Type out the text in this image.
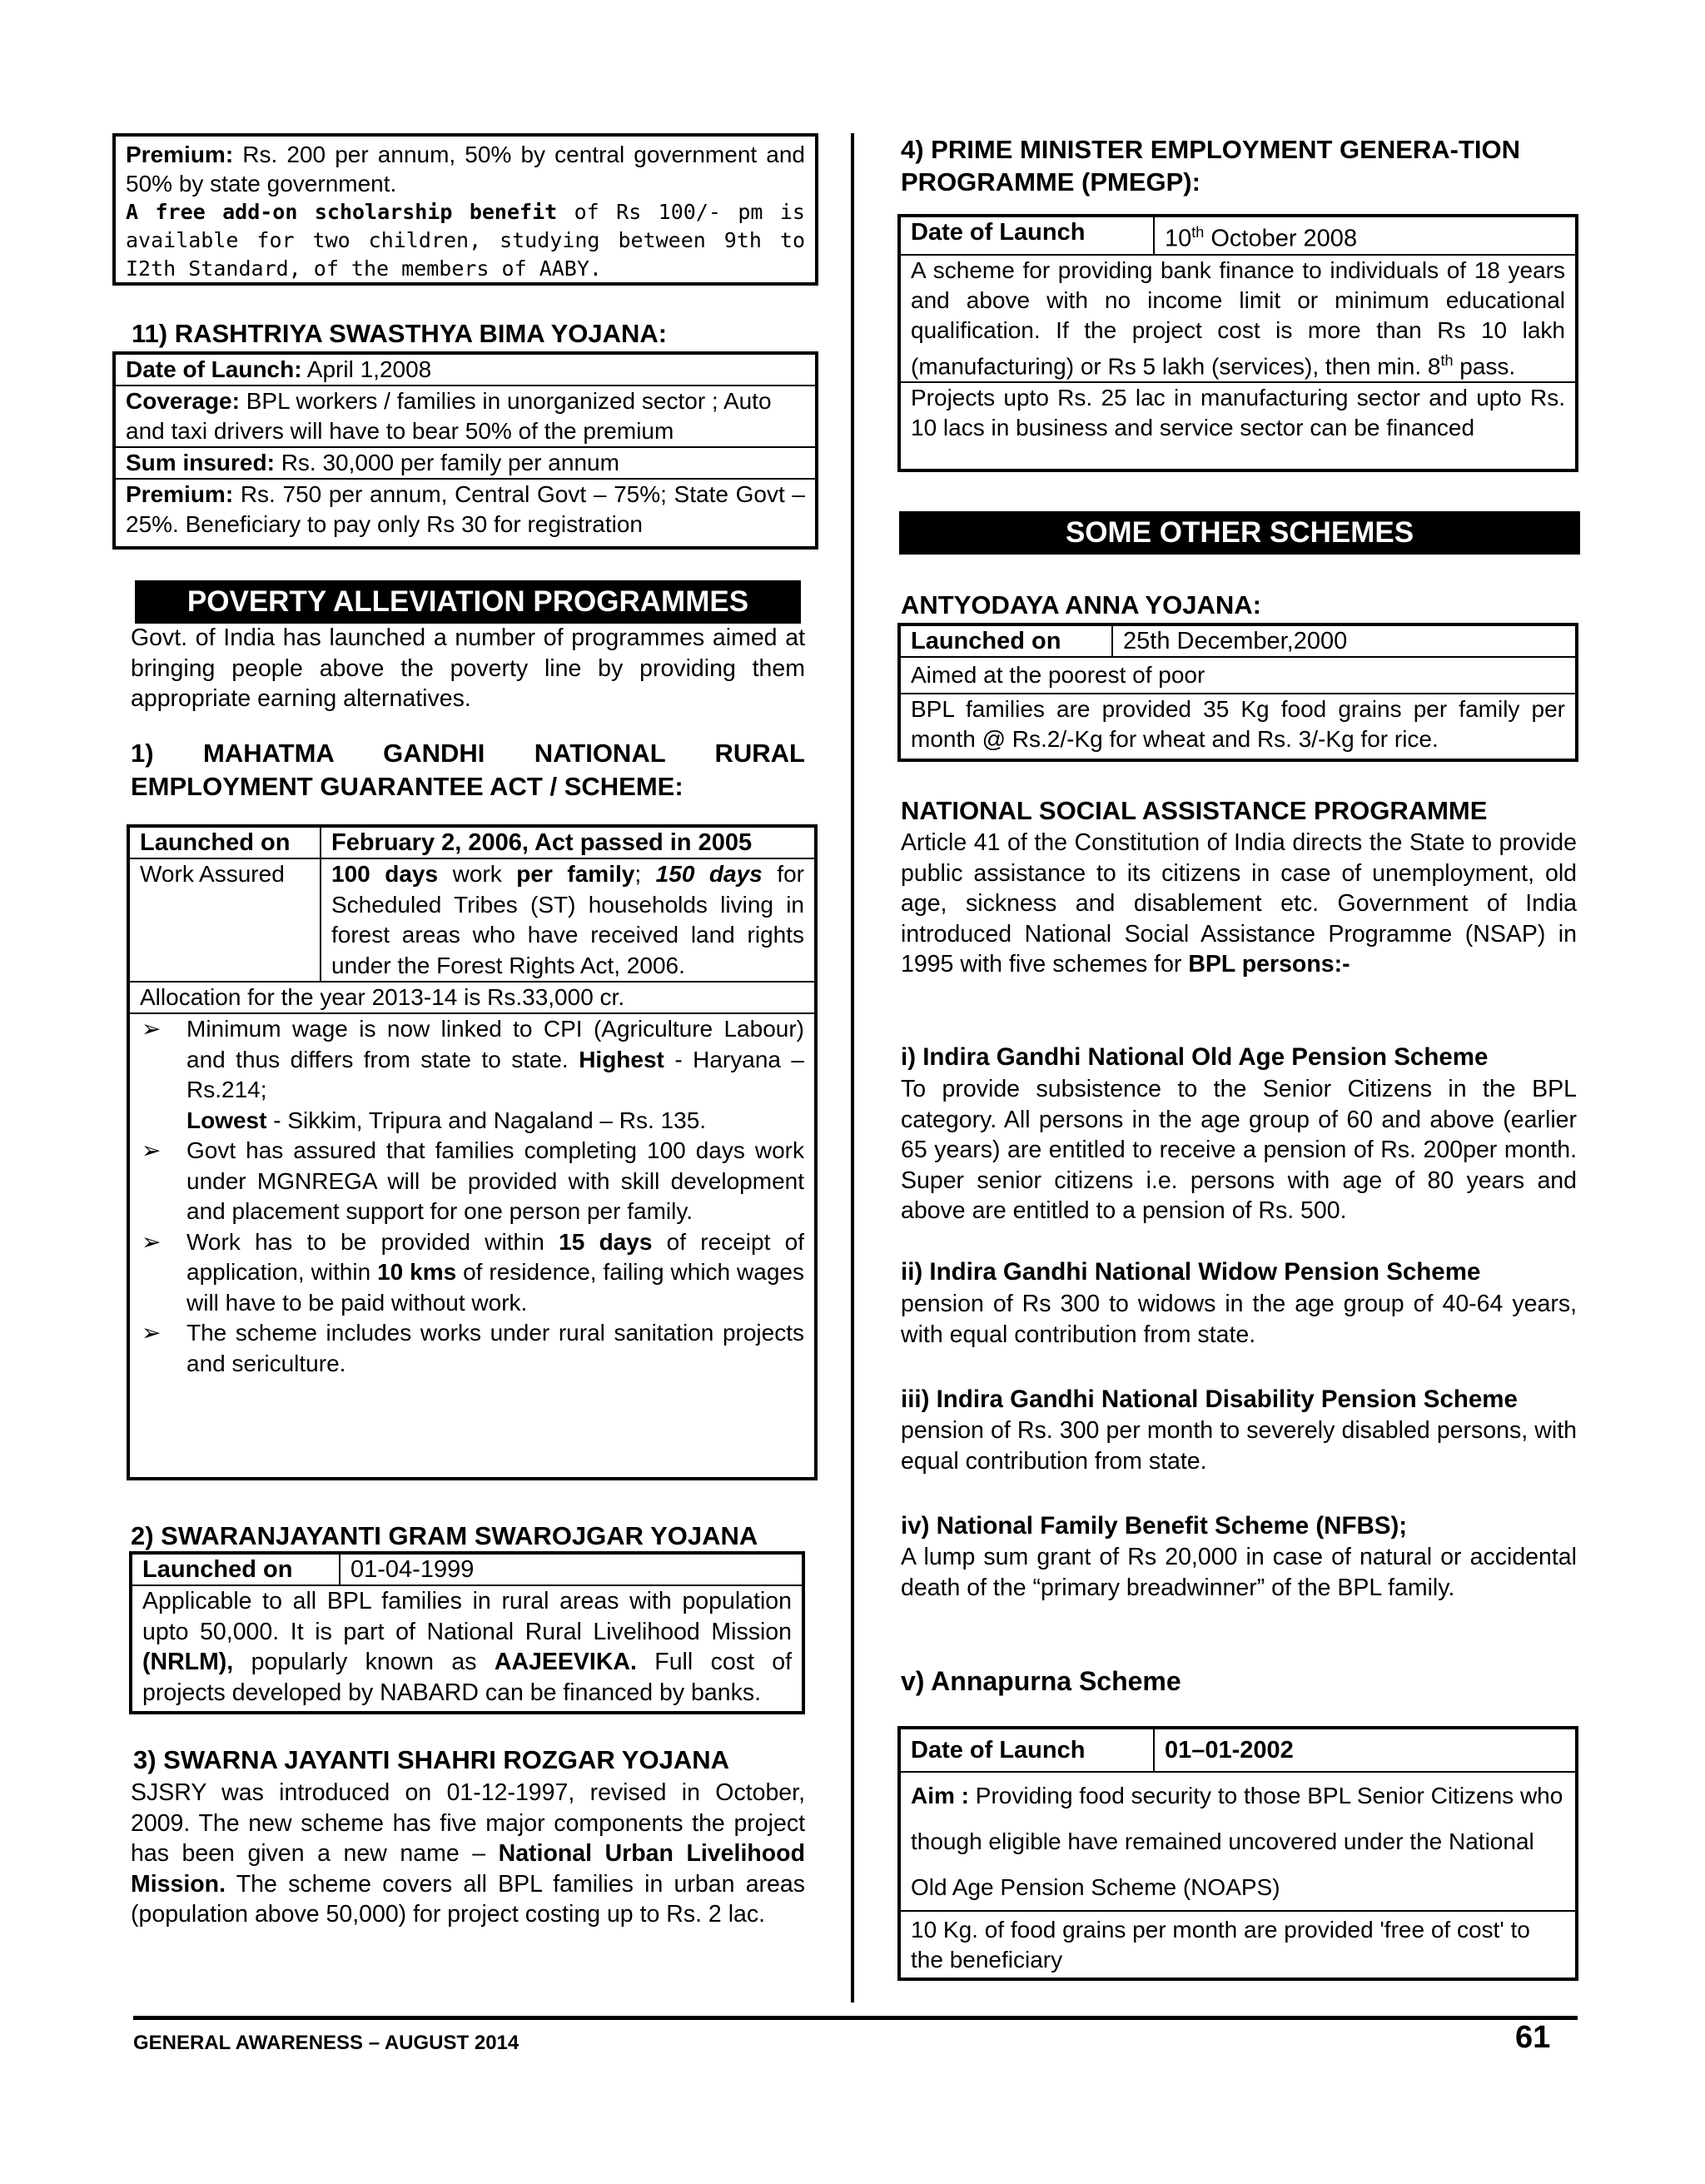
Premium: Rs. 200 per annum, 50% by central government and 50% by state government.
A free add-on scholarship benefit of Rs 100/- pm is available for two children, studying between 9th to I2th Standard, of the members of AABY.
11) RASHTRIYA SWASTHYA BIMA YOJANA:
Date of Launch: April 1,2008
Coverage: BPL workers / families in unorganized sector ; Auto and taxi drivers will have to bear 50% of the premium
Sum insured: Rs. 30,000 per family per annum
Premium: Rs. 750 per annum, Central Govt – 75%; State Govt – 25%. Beneficiary to pay only Rs 30 for registration
POVERTY ALLEVIATION PROGRAMMES
Govt. of India has launched a number of programmes aimed at bringing people above the poverty line by providing them appropriate earning alternatives.
1) MAHATMA GANDHI NATIONAL RURAL EMPLOYMENT GUARANTEE ACT / SCHEME:
Launched on	February 2, 2006, Act passed in 2005
Work Assured	100 days work per family; 150 days for Scheduled Tribes (ST) households living in forest areas who have received land rights under the Forest Rights Act, 2006.
Allocation for the year 2013-14 is Rs.33,000 cr.
➢ Minimum wage is now linked to CPI (Agriculture Labour) and thus differs from state to state. Highest - Haryana – Rs.214;
Lowest - Sikkim, Tripura and Nagaland – Rs. 135.
➢ Govt has assured that families completing 100 days work under MGNREGA will be provided with skill development and placement support for one person per family.
➢ Work has to be provided within 15 days of receipt of application, within 10 kms of residence, failing which wages will have to be paid without work.
➢ The scheme includes works under rural sanitation projects and sericulture.
2) SWARANJAYANTI GRAM SWAROJGAR YOJANA
Launched on	01-04-1999
Applicable to all BPL families in rural areas with population upto 50,000. It is part of National Rural Livelihood Mission (NRLM), popularly known as AAJEEVIKA. Full cost of projects developed by NABARD can be financed by banks.
3) SWARNA JAYANTI SHAHRI ROZGAR YOJANA
SJSRY was introduced on 01-12-1997, revised in October, 2009. The new scheme has five major components the project has been given a new name – National Urban Livelihood Mission. The scheme covers all BPL families in urban areas (population above 50,000) for project costing up to Rs. 2 lac.
4) PRIME MINISTER EMPLOYMENT GENERA-TION PROGRAMME (PMEGP):
Date of Launch	10th October 2008
A scheme for providing bank finance to individuals of 18 years and above with no income limit or minimum educational qualification. If the project cost is more than Rs 10 lakh (manufacturing) or Rs 5 lakh (services), then min. 8th pass.
Projects upto Rs. 25 lac in manufacturing sector and upto Rs. 10 lacs in business and service sector can be financed
SOME OTHER SCHEMES
ANTYODAYA ANNA YOJANA:
Launched on	25th December,2000
Aimed at the poorest of poor
BPL families are provided 35 Kg food grains per family per month @ Rs.2/-Kg for wheat and Rs. 3/-Kg for rice.
NATIONAL SOCIAL ASSISTANCE PROGRAMME
Article 41 of the Constitution of India directs the State to provide public assistance to its citizens in case of unemployment, old age, sickness and disablement etc. Government of India introduced National Social Assistance Programme (NSAP) in 1995 with five schemes for BPL persons:-
i) Indira Gandhi National Old Age Pension Scheme
To provide subsistence to the Senior Citizens in the BPL category. All persons in the age group of 60 and above (earlier 65 years) are entitled to receive a pension of Rs. 200per month. Super senior citizens i.e. persons with age of 80 years and above are entitled to a pension of Rs. 500.
ii) Indira Gandhi National Widow Pension Scheme
pension of Rs 300 to widows in the age group of 40-64 years, with equal contribution from state.
iii) Indira Gandhi National Disability Pension Scheme
pension of Rs. 300 per month to severely disabled persons, with equal contribution from state.
iv) National Family Benefit Scheme (NFBS);
A lump sum grant of Rs 20,000 in case of natural or accidental death of the “primary breadwinner” of the BPL family.
v) Annapurna Scheme
Date of Launch	01–01-2002
Aim : Providing food security to those BPL Senior Citizens who though eligible have remained uncovered under the National Old Age Pension Scheme (NOAPS)
10 Kg. of food grains per month are provided 'free of cost' to the beneficiary
GENERAL AWARENESS – AUGUST 2014	61
